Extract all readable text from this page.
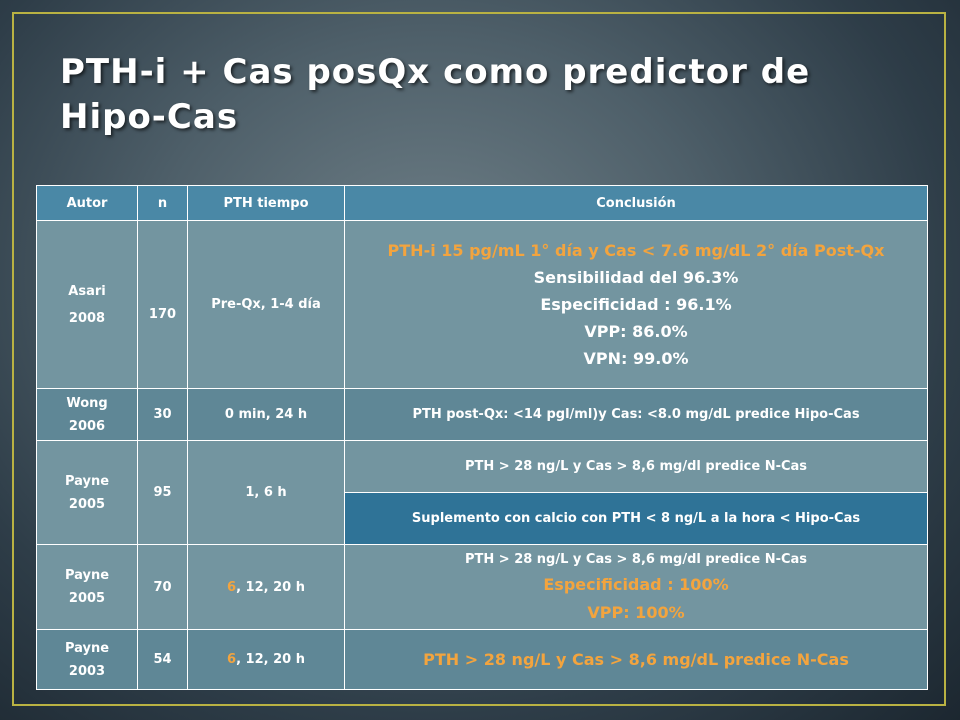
PTH-i + Cas posQx como predictor de Hipo-Cas
Autor	n	PTH tiempo	Conclusión

Asari
2008	170	Pre-Qx, 1-4 día	PTH-i 15 pg/mL 1° día y Cas < 7.6 mg/dL 2° día Post-Qx
Sensibilidad del 96.3%
Especificidad : 96.1%
VPP: 86.0%
VPN: 99.0%

Wong
2006	30	0 min, 24 h	PTH post-Qx: <14 pgl/ml)y Cas: <8.0 mg/dL predice Hipo-Cas

Payne
2005	95	1, 6 h	PTH > 28 ng/L y Cas > 8,6 mg/dl predice N-Cas
			Suplemento con calcio con PTH < 8 ng/L a la hora < Hipo-Cas

Payne
2005	70	6, 12, 20 h	PTH > 28 ng/L y Cas > 8,6 mg/dl predice N-Cas
Especificidad : 100%
VPP: 100%

Payne
2003	54	6, 12, 20 h	PTH > 28 ng/L y Cas > 8,6 mg/dL predice N-Cas
